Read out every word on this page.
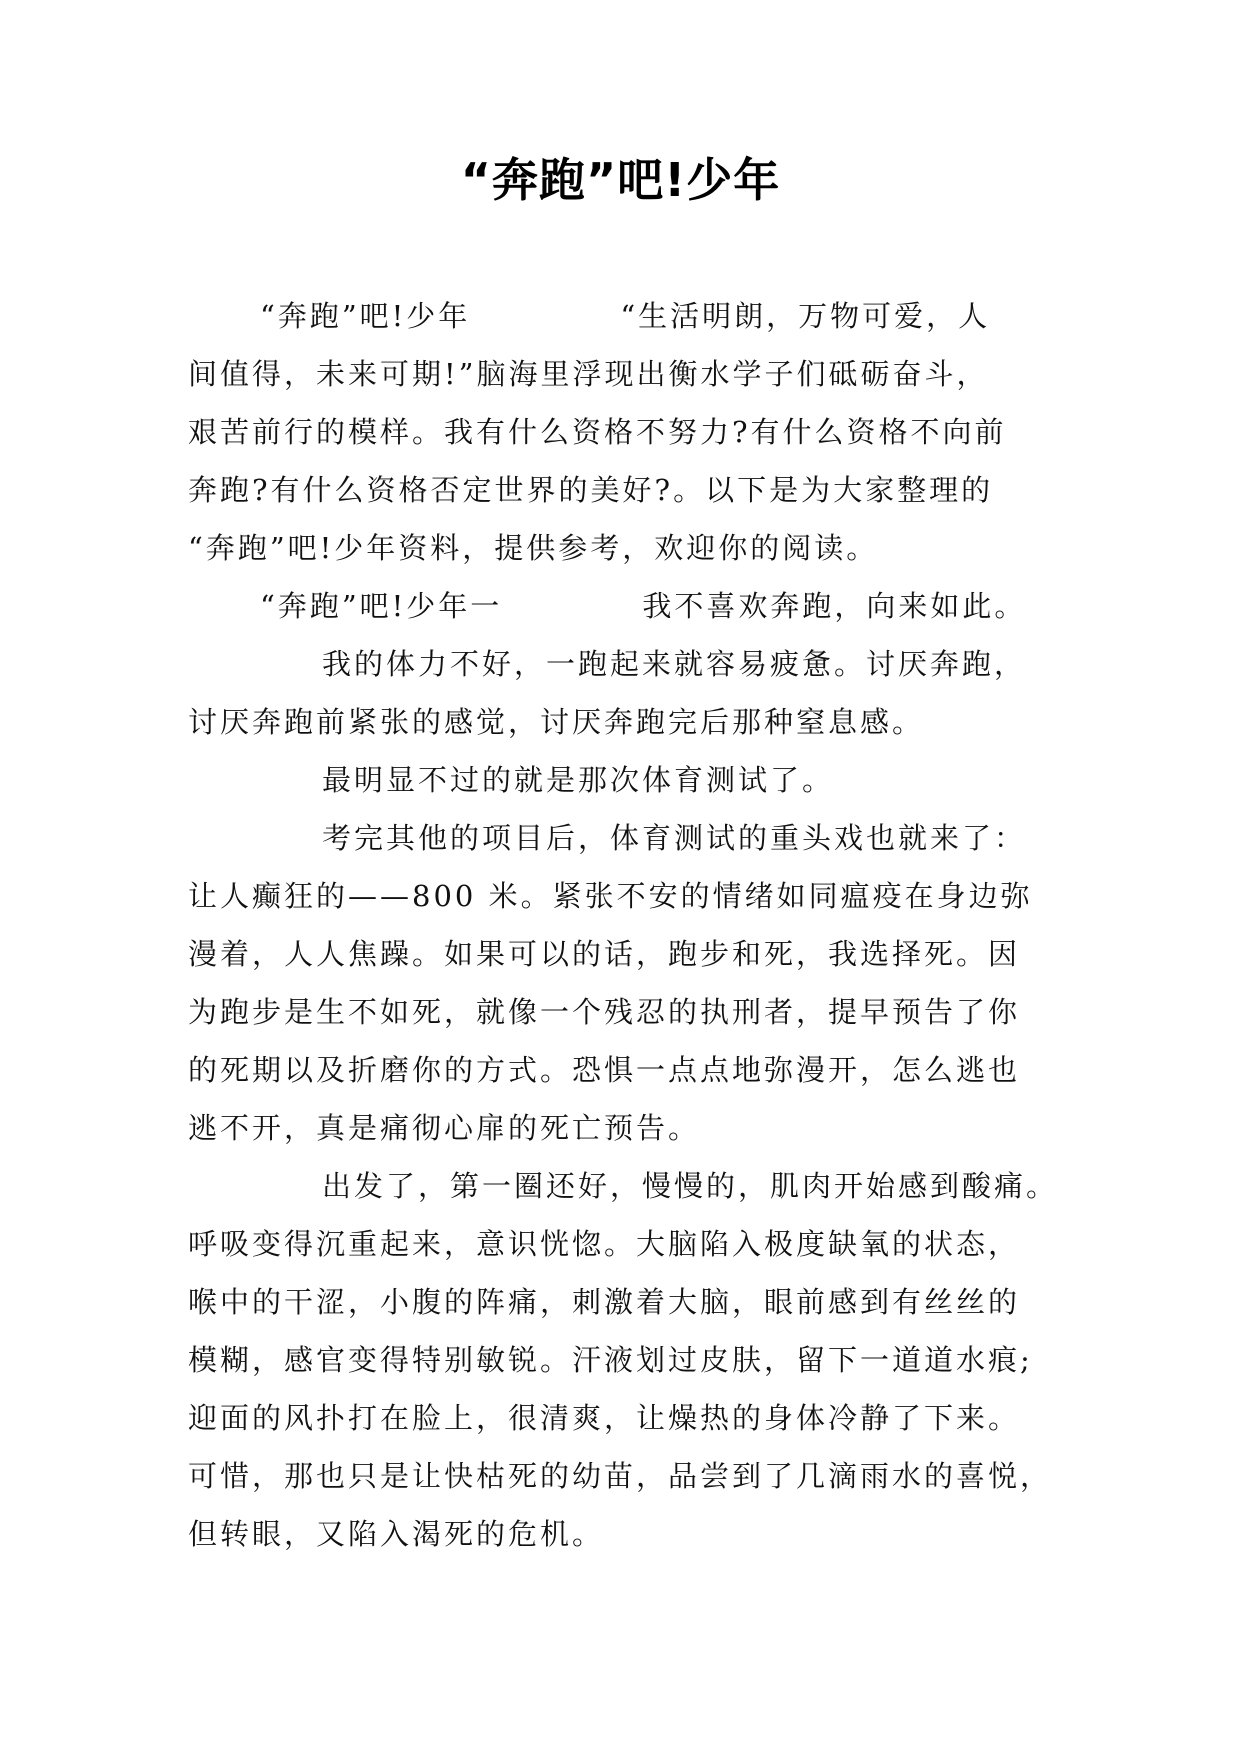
“奔跑”吧!少年
“奔跑”吧!少年	“生活明朗，万物可爱，人
间值得，未来可期!”脑海里浮现出衡水学子们砥砺奋斗，
艰苦前行的模样。我有什么资格不努力?有什么资格不向前
奔跑?有什么资格否定世界的美好?。以下是为大家整理的
“奔跑”吧!少年资料，提供参考，欢迎你的阅读。
“奔跑”吧!少年一	我不喜欢奔跑，向来如此。
我的体力不好，一跑起来就容易疲惫。讨厌奔跑，
讨厌奔跑前紧张的感觉，讨厌奔跑完后那种窒息感。
最明显不过的就是那次体育测试了。
考完其他的项目后，体育测试的重头戏也就来了：
让人癫狂的——800 米。紧张不安的情绪如同瘟疫在身边弥
漫着，人人焦躁。如果可以的话，跑步和死，我选择死。因
为跑步是生不如死，就像一个残忍的执刑者，提早预告了你
的死期以及折磨你的方式。恐惧一点点地弥漫开，怎么逃也
逃不开，真是痛彻心扉的死亡预告。
出发了，第一圈还好，慢慢的，肌肉开始感到酸痛。
呼吸变得沉重起来，意识恍惚。大脑陷入极度缺氧的状态，
喉中的干涩，小腹的阵痛，刺激着大脑，眼前感到有丝丝的
模糊，感官变得特别敏锐。汗液划过皮肤，留下一道道水痕;
迎面的风扑打在脸上，很清爽，让燥热的身体冷静了下来。
可惜，那也只是让快枯死的幼苗，品尝到了几滴雨水的喜悦，
但转眼，又陷入渴死的危机。
